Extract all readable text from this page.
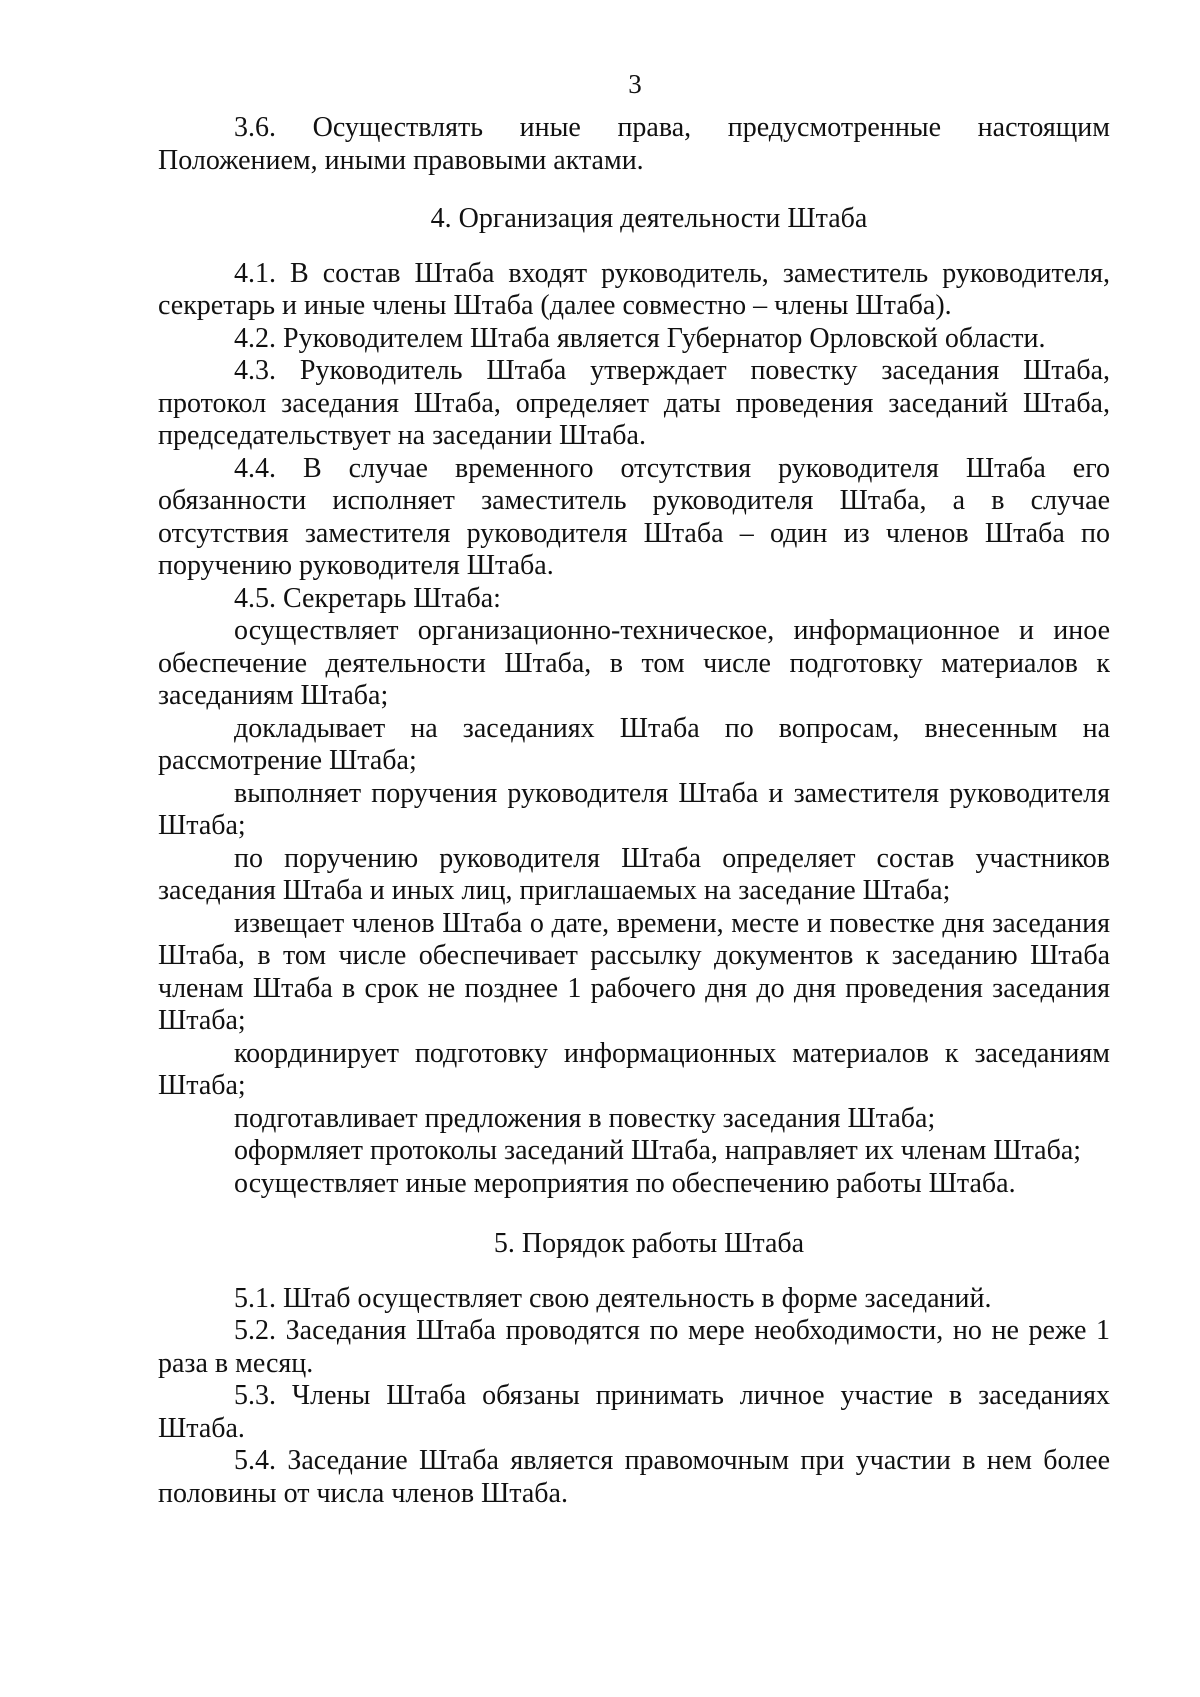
3

3.6. Осуществлять иные права, предусмотренные настоящим Положением, иными правовыми актами.

4. Организация деятельности Штаба

4.1. В состав Штаба входят руководитель, заместитель руководителя, секретарь и иные члены Штаба (далее совместно – члены Штаба).

4.2. Руководителем Штаба является Губернатор Орловской области.

4.3. Руководитель Штаба утверждает повестку заседания Штаба, протокол заседания Штаба, определяет даты проведения заседаний Штаба, председательствует на заседании Штаба.

4.4. В случае временного отсутствия руководителя Штаба его обязанности исполняет заместитель руководителя Штаба, а в случае отсутствия заместителя руководителя Штаба – один из членов Штаба по поручению руководителя Штаба.

4.5. Секретарь Штаба:

осуществляет организационно-техническое, информационное и иное обеспечение деятельности Штаба, в том числе подготовку материалов к заседаниям Штаба;

докладывает на заседаниях Штаба по вопросам, внесенным на рассмотрение Штаба;

выполняет поручения руководителя Штаба и заместителя руководителя Штаба;

по поручению руководителя Штаба определяет состав участников заседания Штаба и иных лиц, приглашаемых на заседание Штаба;

извещает членов Штаба о дате, времени, месте и повестке дня заседания Штаба, в том числе обеспечивает рассылку документов к заседанию Штаба членам Штаба в срок не позднее 1 рабочего дня до дня проведения заседания Штаба;

координирует подготовку информационных материалов к заседаниям Штаба;

подготавливает предложения в повестку заседания Штаба;

оформляет протоколы заседаний Штаба, направляет их членам Штаба;

осуществляет иные мероприятия по обеспечению работы Штаба.

5. Порядок работы Штаба

5.1. Штаб осуществляет свою деятельность в форме заседаний.

5.2. Заседания Штаба проводятся по мере необходимости, но не реже 1 раза в месяц.

5.3. Члены Штаба обязаны принимать личное участие в заседаниях Штаба.

5.4. Заседание Штаба является правомочным при участии в нем более половины от числа членов Штаба.
